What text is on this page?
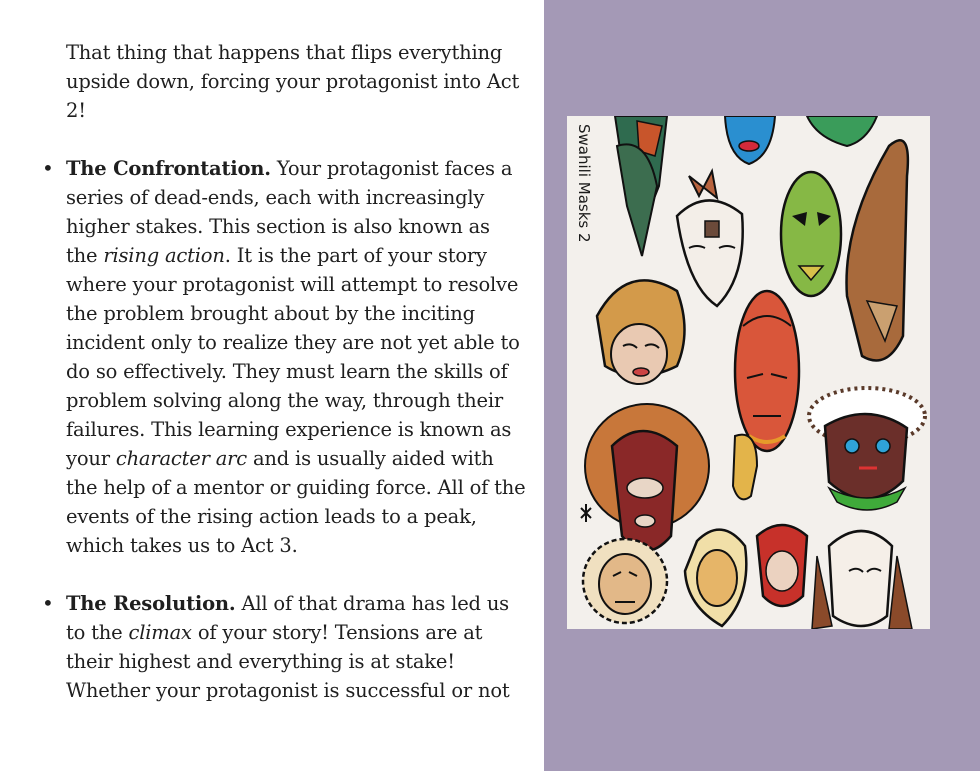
That thing that happens that flips everything upside down, forcing your protagonist into Act 2!

• The Confrontation. Your protagonist faces a series of dead-ends, each with increasingly higher stakes. This section is also known as the rising action. It is the part of your story where your protagonist will attempt to resolve the problem brought about by the inciting incident only to realize they are not yet able to do so effectively. They must learn the skills of problem solving along the way, through their failures. This learning experience is known as your character arc and is usually aided with the help of a mentor or guiding force. All of the events of the rising action leads to a peak, which takes us to Act 3.
• The Resolution. All of that drama has led us to the climax of your story! Tensions are at their highest and everything is at stake! Whether your protagonist is successful or not
Swahili Masks 2
